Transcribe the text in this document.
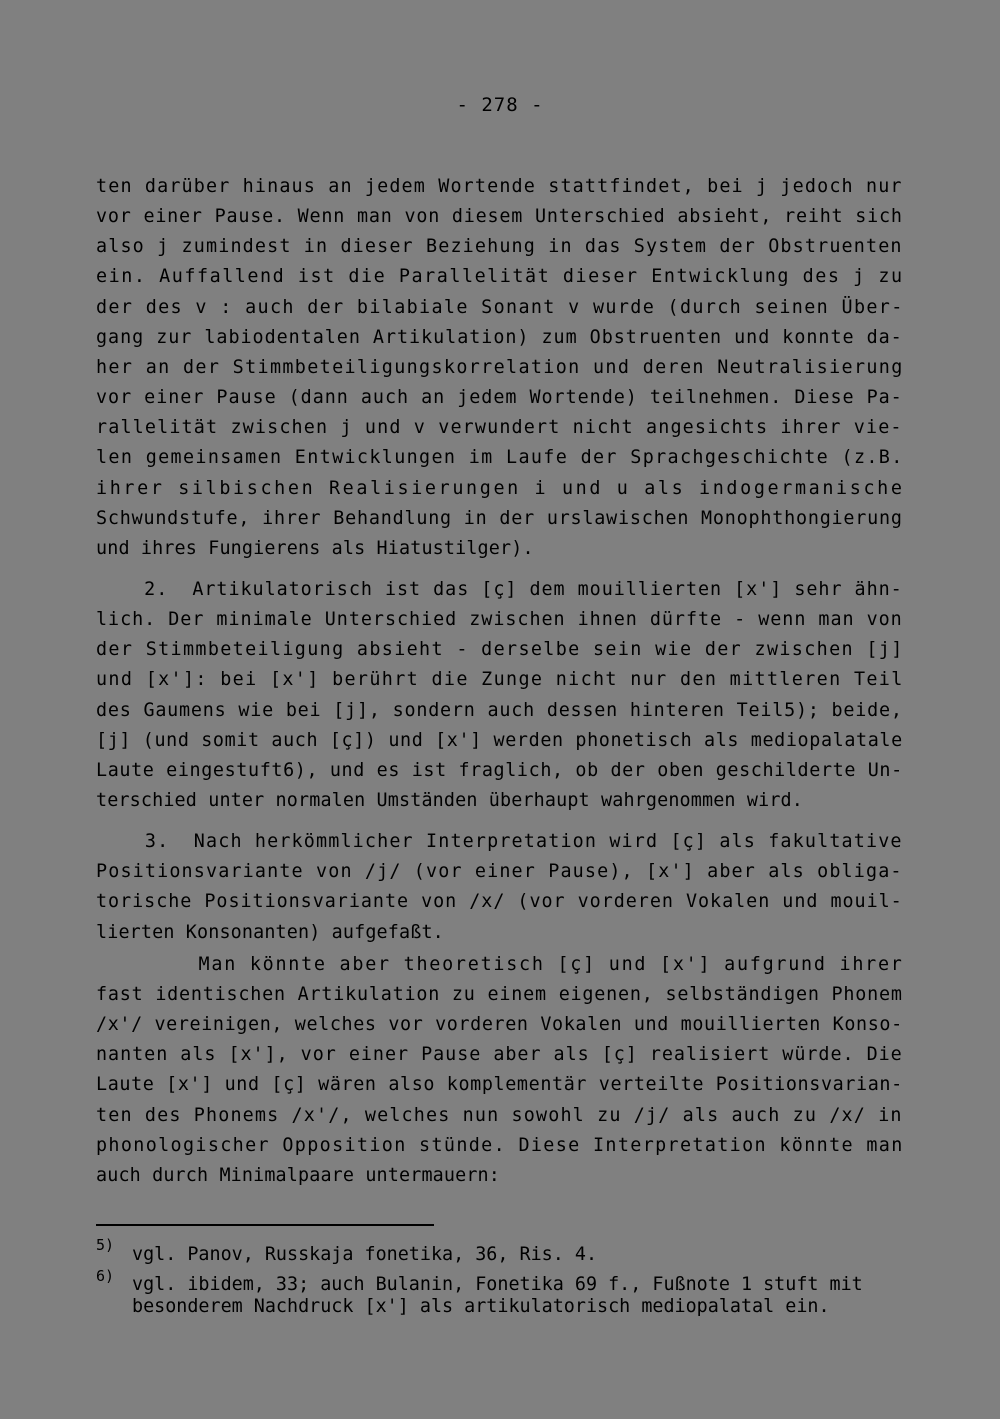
- 278 -
ten darüber hinaus an jedem Wortende stattfindet, bei j jedoch nur
vor einer Pause. Wenn man von diesem Unterschied absieht, reiht sich
also j zumindest in dieser Beziehung in das System der Obstruenten
ein. Auffallend ist die Parallelität dieser Entwicklung des j zu
der des v : auch der bilabiale Sonant v wurde (durch seinen Über-
gang zur labiodentalen Artikulation) zum Obstruenten und konnte da-
her an der Stimmbeteiligungskorrelation und deren Neutralisierung
vor einer Pause (dann auch an jedem Wortende) teilnehmen. Diese Pa-
rallelität zwischen j und v verwundert nicht angesichts ihrer vie-
len gemeinsamen Entwicklungen im Laufe der Sprachgeschichte (z.B.
ihrer silbischen Realisierungen i und u als indogermanische
Schwundstufe, ihrer Behandlung in der urslawischen Monophthongierung
und ihres Fungierens als Hiatustilger).
2.  Artikulatorisch ist das [ç] dem mouillierten [x'] sehr ähn-
lich. Der minimale Unterschied zwischen ihnen dürfte - wenn man von
der Stimmbeteiligung absieht - derselbe sein wie der zwischen [j]
und [x']: bei [x'] berührt die Zunge nicht nur den mittleren Teil
des Gaumens wie bei [j], sondern auch dessen hinteren Teil5); beide,
[j] (und somit auch [ç]) und [x'] werden phonetisch als mediopalatale
Laute eingestuft6), und es ist fraglich, ob der oben geschilderte Un-
terschied unter normalen Umständen überhaupt wahrgenommen wird.
3.  Nach herkömmlicher Interpretation wird [ç] als fakultative
Positionsvariante von /j/ (vor einer Pause), [x'] aber als obliga-
torische Positionsvariante von /x/ (vor vorderen Vokalen und mouil-
lierten Konsonanten) aufgefaßt.
Man könnte aber theoretisch [ç] und [x'] aufgrund ihrer
fast identischen Artikulation zu einem eigenen, selbständigen Phonem
/x'/ vereinigen, welches vor vorderen Vokalen und mouillierten Konso-
nanten als [x'], vor einer Pause aber als [ç] realisiert würde. Die
Laute [x'] und [ç] wären also komplementär verteilte Positionsvarian-
ten des Phonems /x'/, welches nun sowohl zu /j/ als auch zu /x/ in
phonologischer Opposition stünde. Diese Interpretation könnte man
auch durch Minimalpaare untermauern:
5) vgl. Panov, Russkaja fonetika, 36, Ris. 4.
6) vgl. ibidem, 33; auch Bulanin, Fonetika 69 f., Fußnote 1 stuft mit
besonderem Nachdruck [x'] als artikulatorisch mediopalatal ein.
